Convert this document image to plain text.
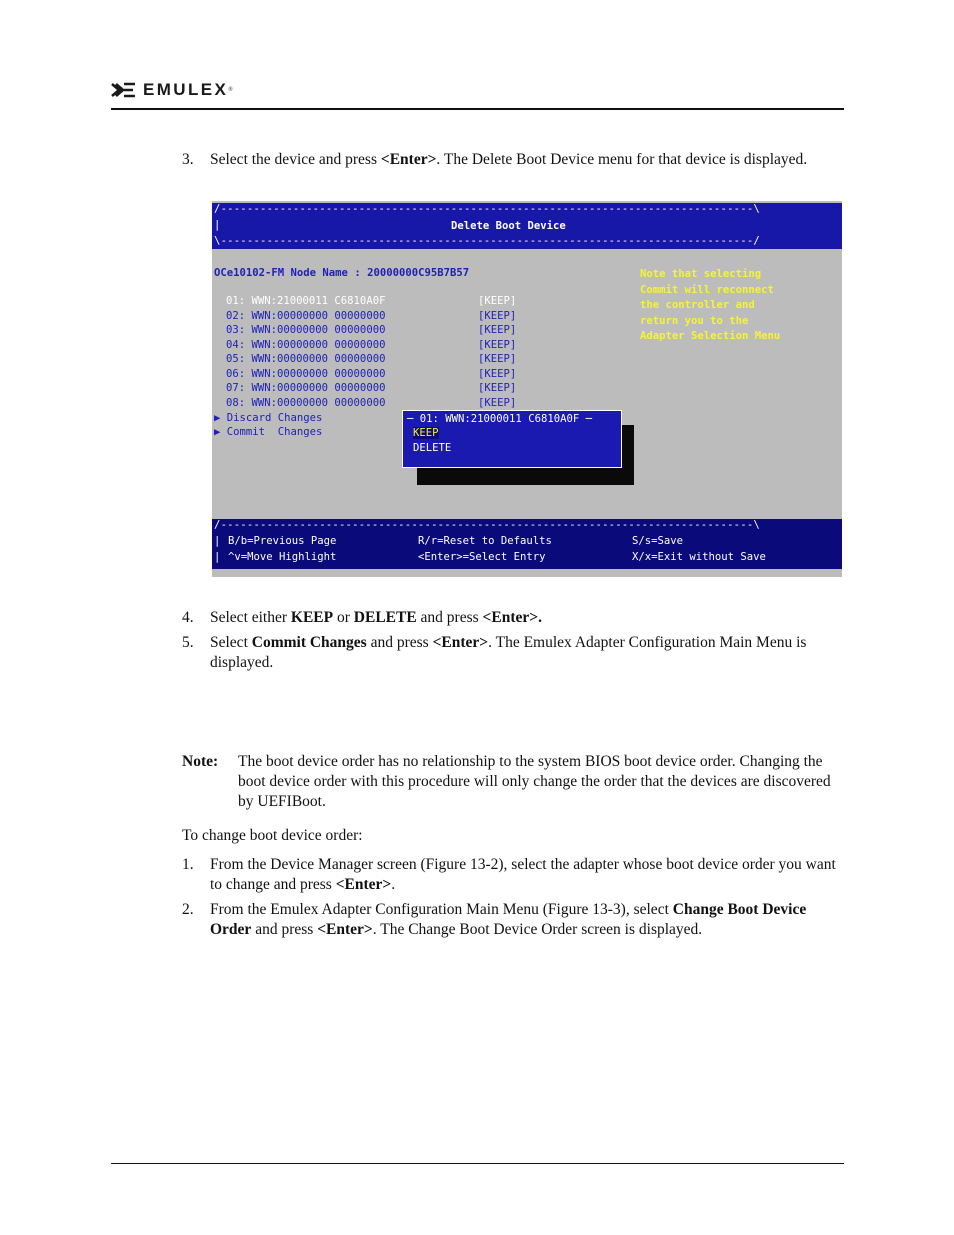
EMULEX ®
3.	Select the device and press <Enter>. The Delete Boot Device menu for that device is displayed.
/---------------------------------------------------------------------------------\
|	Delete Boot Device
\---------------------------------------------------------------------------------/
OCe10102-FM Node Name : 20000000C95B7B57	Note that selecting
Commit will reconnect
the controller and
return you to the
Adapter Selection Menu
01: WWN:21000011 C6810A0F	[KEEP]
02: WWN:00000000 00000000	[KEEP]
03: WWN:00000000 00000000	[KEEP]
04: WWN:00000000 00000000	[KEEP]
05: WWN:00000000 00000000	[KEEP]
06: WWN:00000000 00000000	[KEEP]
07: WWN:00000000 00000000	[KEEP]
08: WWN:00000000 00000000	[KEEP]
▶ Discard Changes
▶ Commit  Changes
─ 01: WWN:21000011 C6810A0F ─
KEEP
DELETE
/---------------------------------------------------------------------------------\
|
|
B/b=Previous Page	R/r=Reset to Defaults	S/s=Save
^v=Move Highlight	<Enter>=Select Entry	X/x=Exit without Save
4.	Select either KEEP or DELETE and press <Enter>.
5.	Select Commit Changes and press <Enter>. The Emulex Adapter Configuration Main Menu is displayed.
Note: The boot device order has no relationship to the system BIOS boot device order. Changing the boot device order with this procedure will only change the order that the devices are discovered by UEFIBoot.
To change boot device order:
1.	From the Device Manager screen (Figure 13-2), select the adapter whose boot device order you want to change and press <Enter>.
2.	From the Emulex Adapter Configuration Main Menu (Figure 13-3), select Change Boot Device Order and press <Enter>. The Change Boot Device Order screen is displayed.
